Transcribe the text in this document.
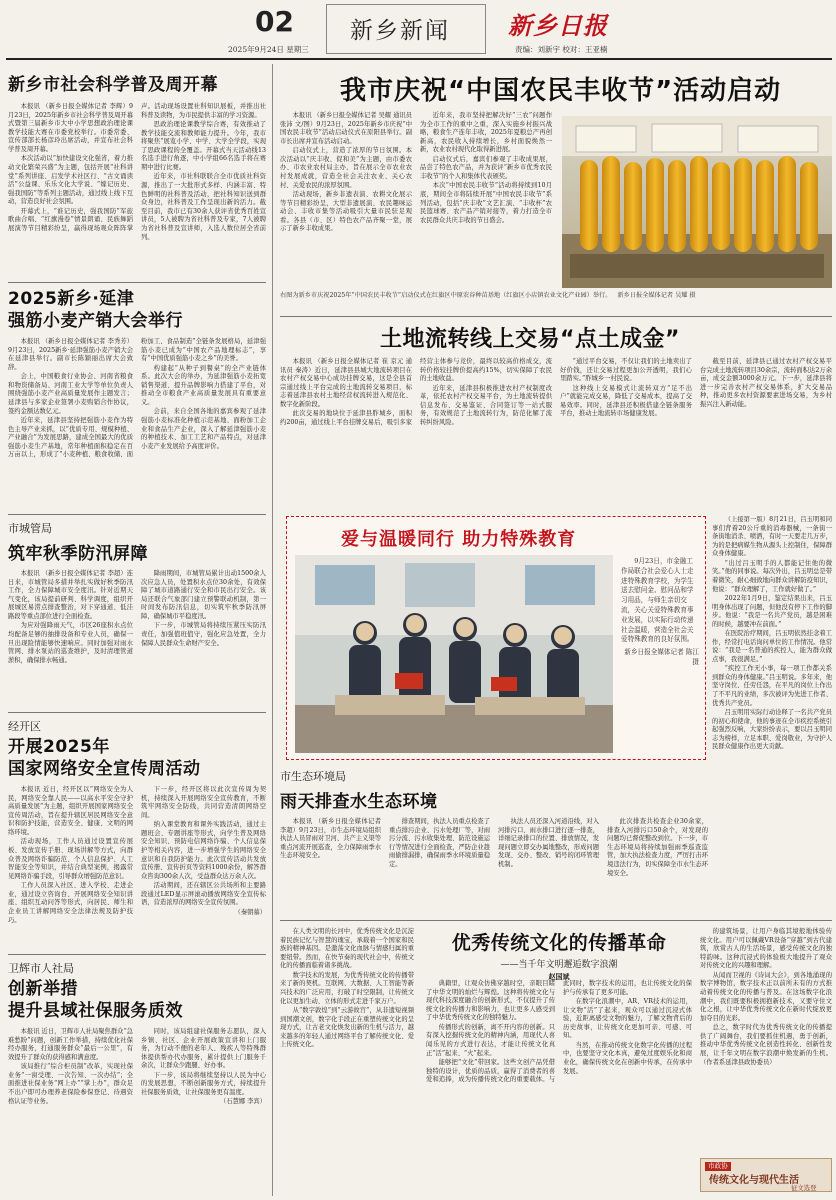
02
2025年9月24日 星期三
新乡新闻 新乡日报
责编：刘新宇 校对：王亚楠
新乡市社会科学普及周开幕

本报讯 （新乡日报全媒体记者 李辉）9月23日，2025年新乡市社会科学普及周开幕式暨第三届新乡市大中小学思想政治理论课教学技能大赛在市委党校举行。市委常委、宣传部部长杨彦玲出席活动，并宣布社会科学普及周开幕。

本次活动以“加快建设文化强省，着力推动文化繁荣兴盛”为主题，包括开展“社科讲堂”系列讲座、启发学术社区行、“古文诵读活”公益课、乐乐文化大学说、“嫁记历史、强我国防”等系列主题活动，通过线上线下互动，营造良好社会氛围。

开幕式上，“谁记历史，强我国防”军旅歌曲合唱、“红旗漫卷”情景朗诵、民族舞蹈展演等节目精彩纷呈，赢得现场观众阵阵掌声。活动现场设置社科知识展板，并推出社科普及读物，为市民提供丰富的学习资源。

思政治理论课教学综合赛，有效推动了教学技能交流和教师能力提升。今年，我市将聚焦“展览小学、中学、大学全学段，实现了思政课程的全覆盖。开幕式当天活动线13名选手进行角逐，中小学组66名选手将在赛期中进行比赛。

近年来，市社科联联合全市优质社科资源，推出了一大批形式多样、内涵丰富、特色鲜明的社科普及活动，把社科知识送到群众身边，社科普及工作呈现出新的活力。截至目前，我市已有30余人获评省优秀百姓宣讲员，5人被聘为省社科普及专家，7人被聘为省社科普及宣讲师，入选人数位居全省前列。

2025新乡·延津
强筋小麦产销大会举行

本报讯 （新乡日报全媒体记者 李秀芳）9月23日，2025新乡·延津强筋小麦产销大会在延津县举行。副市长陈颖丽出席大会致辞。

会上，中国粮食行业协会、河南省粮食和物资储备局、河南工业大学等单位负责人围绕强筋小麦产业高质量发展作主题发言；延津县与多家企业签署小麦购销合作协议，签约金额达数亿元。

近年来，延津县坚持把强筋小麦作为特色主导产业来抓，以“优质专用、规模种植、产业融合”为发展思路，建成全国最大的优质强筋小麦生产基地，常年种植面积稳定在百万亩以上，形成了“小麦种植、粮食收储、面粉加工、食品制造”全链条发展格局，延津强筋小麦已成为“中国农产品地理标志”，享有“中国优质强筋小麦之乡”的美誉。

构建起“从种子到餐桌”的全产业链体系。此次大会的举办，为延津强筋小麦拓宽销售渠道、提升品牌影响力搭建了平台，对推动全市粮食产业高质量发展具有重要意义。

会前，来自全国各地的嘉宾参观了延津强筋小麦标准化种植示范基地、面粉加工企业和食品生产企业，深入了解延津强筋小麦的种植技术、加工工艺和产品特点，对延津小麦产业发展给予高度评价。

市城管局
筑牢秋季防汛屏障

本报讯 （新乡日报全媒体记者 李超）连日来，市城管局多措并举扎实做好秋季防汛工作，全力保障城市安全度汛。针对近期天气变化，该局提前研判、科学调度，组织开展城区易涝点排查整治，对下穿通道、低洼路段等重点部位进行全面检查。

为应对强降雨天气，市区26座积水点位均配备足够的抽排设备和专业人员，确保一旦出现险情能够快速响应。同时加强对雨水管网、排水泵站的巡查维护，及时清理管道淤积，确保排水畅通。

降雨期间，市城管局累计出动1500余人次应急人员，处置积水点位30余处，有效保障了城市道路通行安全和市民出行安全。该局还联合气象部门建立预警联动机制，第一时间发布防汛信息，切实筑牢秋季防汛屏障，确保城市平稳度汛。

下一步，市城管局将持续压紧压实防汛责任，加强值班值守，强化应急处置，全力保障人民群众生命财产安全。

经开区
开展2025年
国家网络安全宣传周活动

本报讯 近日，经开区以“网络安全为人民，网络安全靠人民——以高水平安全守护高质量发展”为主题，组织开展国家网络安全宣传周活动，旨在提升辖区居民网络安全意识和防护技能，营造安全、健康、文明的网络环境。

活动现场，工作人员通过设置宣传展板、发放宣传手册、现场讲解等方式，向群众普及网络诈骗防范、个人信息保护、人工智能安全等知识，并结合典型案例，揭露常见网络诈骗手段，引导群众增强防范意识。

工作人员深入社区、进入学校、走进企业，通过设立咨询台、开展网络安全知识讲座、组织互动问答等形式，向居民、师生和企业员工讲解网络安全法律法规及防护技巧。

下一步，经开区将以此次宣传周为契机，持续深入开展网络安全宣传教育，不断筑牢网络安全防线，共同营造清朗网络空间。

纳入课堂教育和课外实践活动，通过主题班会、专题讲座等形式，向学生普及网络安全知识、预防电信网络诈骗、个人信息保护等相关内容，进一步增强学生的网络安全意识和自我防护能力。此次宣传活动共发放宣传册、宣传折页等资料1000余份，解答群众咨询300余人次，受益群众达万余人次。

活动期间，还在辖区公共场所和主要路段通过LED显示屏滚动播放网络安全宣传标语，营造浓厚的网络安全宣传氛围。

（秦朝慕）

卫辉市人社局
创新举措
提升县域社保服务质效

本报讯 近日，卫辉市人社局聚焦群众“急难愁盼”问题，创新工作举措，持续优化社保经办服务，打通服务群众“最后一公里”，有效提升了群众的获得感和满意度。

该局推行“综合柜员制”改革，实现社保业务“一窗受理、一次告知、一次办结”；全面推进社保业务“网上办”“掌上办”，群众足不出户即可办理养老保险参保登记、待遇资格认证等业务。

同时，该局组建社保服务志愿队，深入乡镇、社区、企业开展政策宣讲和上门服务，为行动不便的老年人、残疾人等特殊群体提供帮办代办服务，累计提供上门服务千余次，让群众少跑腿、好办事。

下一步，该局将继续坚持以人民为中心的发展思想，不断创新服务方式，持续提升社保服务质效，让社保服务更有温度。

（石慧娜 李宾）

我市庆祝“中国农民丰收节”活动启动

本报讯 （新乡日报全媒体记者 吴耀 通讯员 张沛 文/图）9月23日，2025年新乡市庆祝“中国农民丰收节”活动启动仪式在原阳县举行。副市长出席并宣布活动启动。

启动仪式上，营造了浓厚的节日氛围。本次活动以“庆丰收、促和美”为主题，由市委农办、市农业农村局主办，旨在展示全市农业农村发展成就，营造全社会关注农业、关心农村、关爱农民的浓厚氛围。

活动现场，新乡非遗表演、农耕文化展示等节目精彩纷呈，大型非遗展演、农民趣味运动会、丰收市集等活动吸引大量市民驻足观看。各县（市、区）特色农产品齐聚一堂，展示了新乡丰收成果。

近年来，我市坚持把解决好“三农”问题作为全市工作的重中之重，深入实施乡村振兴战略，粮食生产连年丰收，2025年夏粮总产再创新高，农民收入持续增长，乡村面貌焕然一新，农业农村现代化取得新进展。

启动仪式后，嘉宾们参观了丰收成果展，品尝了特色农产品，并为获评“新乡市优秀农民丰收节”的个人和集体代表颁奖。

本次“中国农民丰收节”活动将持续到10月底，期间全市将陆续开展“中国农民丰收节”系列活动，包括“庆丰收”文艺汇演、“丰收杯”农民篮球赛、农产品产销对接等，着力打造全市农民群众共庆丰收的节日盛会。

右图为新乡市庆祝2025年“中国农民丰收节”启动仪式在红旗区中原农谷种苗基地（红旗区小店镇农业文化产业园）举行。 新乡日报全媒体记者 吴耀 摄
土地流转线上交易“点土成金”

本报讯 （新乡日报全媒体记者 崔 京元 通讯员 秦涛）近日，延津县县城大地流转项目在农村产权交易中心成功挂牌交易，这是全县首宗通过线上平台完成的土地流转交易项目，标志着延津县农村土地经营权流转进入规范化、数字化新阶段。

此次交易的地块位于延津县胙城乡，面积约200亩，通过线上平台挂牌交易后，吸引多家经营主体参与竞价，最终以较高价格成交，流转价格较挂牌价提高约15%，切实保障了农民的土地收益。

近年来，延津县积极推进农村产权制度改革，依托农村产权交易平台，为土地流转提供信息发布、交易鉴证、合同签订等一站式服务，有效规范了土地流转行为，防范化解了流转纠纷风险。

“通过平台交易，不仅让我们的土地卖出了好价钱，还让交易过程更加公开透明，我们心里踏实。”胙城乡一村民说。

这种线上交易模式让流转双方“足不出户”就能完成交易，降低了交易成本，提高了交易效率。同时，延津县还积极搭建全链条服务平台，推动土地流转市场健康发展。

截至目前，延津县已通过农村产权交易平台完成土地流转项目30余宗，流转面积达2万余亩，成交金额3000余万元。下一步，延津县将进一步完善农村产权交易体系，扩大交易品种，推动更多农村资源要素进场交易，为乡村振兴注入新动能。

爱与温暖同行 助力特殊教育

9月23日，市金融工作局联合社会爱心人士走进特殊教育学校，为学生送去慰问金、慰问品和学习用品，与师生亲切交流，关心关爱特殊教育事业发展，以实际行动传递社会温暖，营造全社会关爱特殊教育的良好氛围。

新乡日报全媒体记者 陈江 摄

（上接第一版）8月21日，吕玉明和同事们背着20公斤重的消毒器械，一条街一条街地消杀、喷洒，有时一天要走几万步，为的是把病媒生物从源头上控制住，保障群众身体健康。

“出过吕玉明手的人都能记住他的微笑。”他的同事说。每次外出，吕玉明总是带着微笑，耐心细致地向群众讲解防疫知识，他说：“群众理解了，工作就好做了。”

2022年1月9日，鉴定结果出来，吕玉明身体出现了问题，但他没有停下工作的脚步。他说：“我是一名共产党员，越是困难的时候，越要冲在前面。”

在医院治疗期间，吕玉明依然挂念着工作，经常打电话询问单位的工作情况。他常说：“我是一名普通的疾控人，能为群众做点事，我很满足。”

“疾控工作无小事，每一项工作都关系到群众的身体健康。”吕玉明说。多年来，他坚守岗位、任劳任怨，在平凡的岗位上作出了不平凡的业绩，多次被评为先进工作者、优秀共产党员。

吕玉明用实际行动诠释了一名共产党员的初心和使命，他的事迹在全市疾控系统引起强烈反响，大家纷纷表示，要以吕玉明同志为榜样，立足本职、爱岗敬业，为守护人民群众健康作出更大贡献。

市生态环境局
雨天排查水生态环境

本报讯 （新乡日报全媒体记者 李超）9月23日，市生态环境局组织执法人员冒雨对卫河、共产主义渠等重点河流开展巡查，全力保障雨季水生态环境安全。

排查期间，执法人员重点检查了重点排污企业、污水处理厂等，对雨污分流、污水收集处理、防范设施运行等情况进行全面检查，严防企业趁雨偷排漏排，确保雨季水环境质量稳定。

执法人员还深入河道沿线，对入河排污口、雨水排口进行逐一排查，详细记录排口的位置、排放情况，发现问题立即交办属地整改，形成问题发现、交办、整改、销号的闭环管理机制。

此次排查共检查企业30余家，排查入河排污口50余个，对发现的问题均已督促整改到位。下一步，市生态环境局将持续加强雨季巡查监管，加大执法检查力度，严厉打击环境违法行为，切实保障全市水生态环境安全。

在人类文明的长河中，优秀传统文化是沉淀着民族记忆与智慧的瑰宝，承载着一个国家和民族的精神基因。是激荡文化血脉与情感归属的重要纽带。然而，在快节奏的现代社会中，传统文化的传播面临着诸多挑战。

数字技术的发展，为优秀传统文化的传播带来了新的契机。互联网、大数据、人工智能等新兴技术的广泛应用，打破了时空限制，让传统文化以更加生动、立体的形式走进千家万户。

从“数字敦煌”到“云游故宫”，从非遗短视频到国潮文创，数字化手段正在重塑传统文化的呈现方式，让古老文化焕发出新的生机与活力，越来越多的年轻人通过网络平台了解传统文化、爱上传统文化。

优秀传统文化的传播革命
——当千年文明邂逅数字浪潮
赵国斌

典籍里，让观众仿佛穿越时空，亲眼目睹了中华文明的灿烂与辉煌。这种将传统文化与现代科技深度融合的创新形式，不仅提升了传统文化的传播力和影响力，也让更多人感受到了中华优秀传统文化的独特魅力。

传播形式的创新，离不开内容的创新。只有深入挖掘传统文化的精神内涵，用现代人喜闻乐见的方式进行表达，才能让传统文化真正“活”起来、“火”起来。

能够把“文化”带回家。这些文创产品凭借独特的设计，优质的品质，赢得了消费者的喜爱和追捧，成为传播传统文化的重要载体。与此同时，数字技术的运用，也让传统文化的保护与传承有了更多可能。

在数字化浪潮中，AR、VR技术的运用，让文物“活”了起来，观众可以通过沉浸式体验，近距离感受文物的魅力，了解文物背后的历史故事，让传统文化更加可亲、可感、可知。

当然，在推动传统文化数字化传播的过程中，也要坚守文化本真，避免过度娱乐化和商业化，确保传统文化在创新中传承，在传承中发展。

的建筑场景，让用户身临其境般地体验传统文化。用户可以佩戴VR设备“穿越”到古代建筑，欣赏古人的生活场景，感受传统文化的独特韵味。这种沉浸式的体验极大地提升了观众对传统文化的兴趣和理解。

从闻而卫视的《诗词大会》，到各地涌现的数字博物馆，数字技术正以前所未有的方式推动着传统文化的传播与普及。在这场数字化浪潮中，我们既要积极拥抱新技术，又要守住文化之根，让中华优秀传统文化在新时代绽放更加夺目的光彩。

总之，数字时代为优秀传统文化的传播提供了广阔舞台，我们要抓住机遇，勇于创新，推动中华优秀传统文化创造性转化、创新性发展，让千年文明在数字浪潮中焕发新的生机。（作者系延津县政协委员）

市政协
传统文化与现代生活
征文选登
